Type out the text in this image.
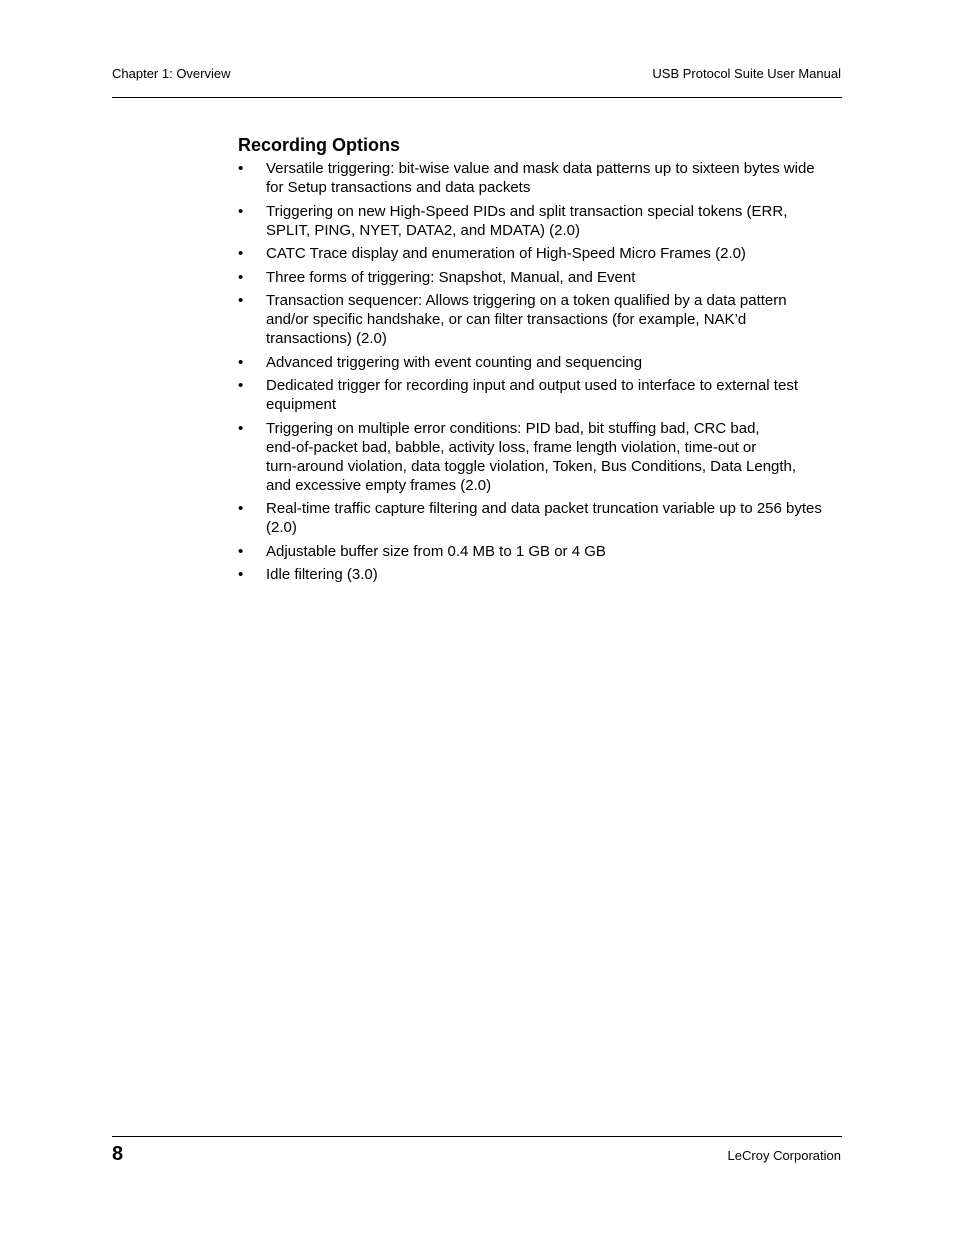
Chapter 1: Overview	USB Protocol Suite User Manual
Recording Options
• Versatile triggering: bit-wise value and mask data patterns up to sixteen bytes wide
for Setup transactions and data packets
• Triggering on new High-Speed PIDs and split transaction special tokens (ERR,
SPLIT, PING, NYET, DATA2, and MDATA) (2.0)
• CATC Trace display and enumeration of High-Speed Micro Frames (2.0)
• Three forms of triggering: Snapshot, Manual, and Event
• Transaction sequencer: Allows triggering on a token qualified by a data pattern
and/or specific handshake, or can filter transactions (for example, NAK’d
transactions) (2.0)
• Advanced triggering with event counting and sequencing
• Dedicated trigger for recording input and output used to interface to external test
equipment
• Triggering on multiple error conditions: PID bad, bit stuffing bad, CRC bad,
end-of-packet bad, babble, activity loss, frame length violation, time-out or
turn-around violation, data toggle violation, Token, Bus Conditions, Data Length,
and excessive empty frames (2.0)
• Real-time traffic capture filtering and data packet truncation variable up to 256 bytes
(2.0)
• Adjustable buffer size from 0.4 MB to 1 GB or 4 GB
• Idle filtering (3.0)
8	LeCroy Corporation
